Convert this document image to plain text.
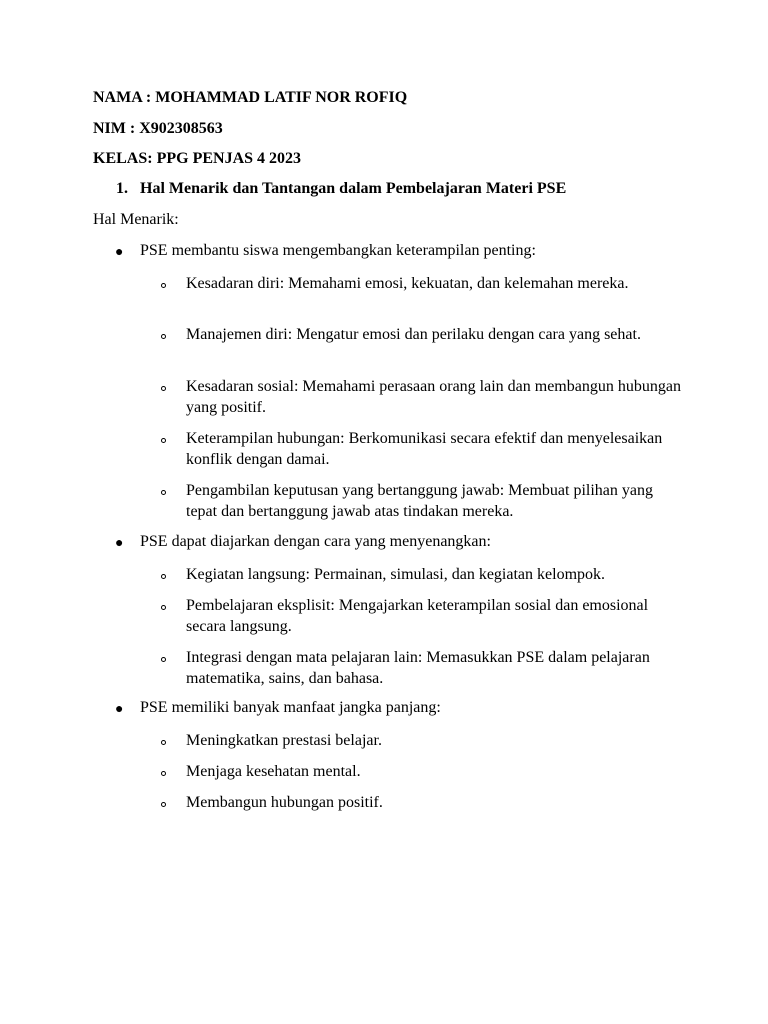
NAMA : MOHAMMAD LATIF NOR ROFIQ
NIM : X902308563
KELAS: PPG PENJAS 4 2023
1. Hal Menarik dan Tantangan dalam Pembelajaran Materi PSE
Hal Menarik:
● PSE membantu siswa mengembangkan keterampilan penting:
Kesadaran diri: Memahami emosi, kekuatan, dan kelemahan mereka.
Manajemen diri: Mengatur emosi dan perilaku dengan cara yang sehat.
Kesadaran sosial: Memahami perasaan orang lain dan membangun hubungan yang positif.
Keterampilan hubungan: Berkomunikasi secara efektif dan menyelesaikan konflik dengan damai.
Pengambilan keputusan yang bertanggung jawab: Membuat pilihan yang tepat dan bertanggung jawab atas tindakan mereka.
● PSE dapat diajarkan dengan cara yang menyenangkan:
Kegiatan langsung: Permainan, simulasi, dan kegiatan kelompok.
Pembelajaran eksplisit: Mengajarkan keterampilan sosial dan emosional secara langsung.
Integrasi dengan mata pelajaran lain: Memasukkan PSE dalam pelajaran matematika, sains, dan bahasa.
● PSE memiliki banyak manfaat jangka panjang:
Meningkatkan prestasi belajar.
Menjaga kesehatan mental.
Membangun hubungan positif.
